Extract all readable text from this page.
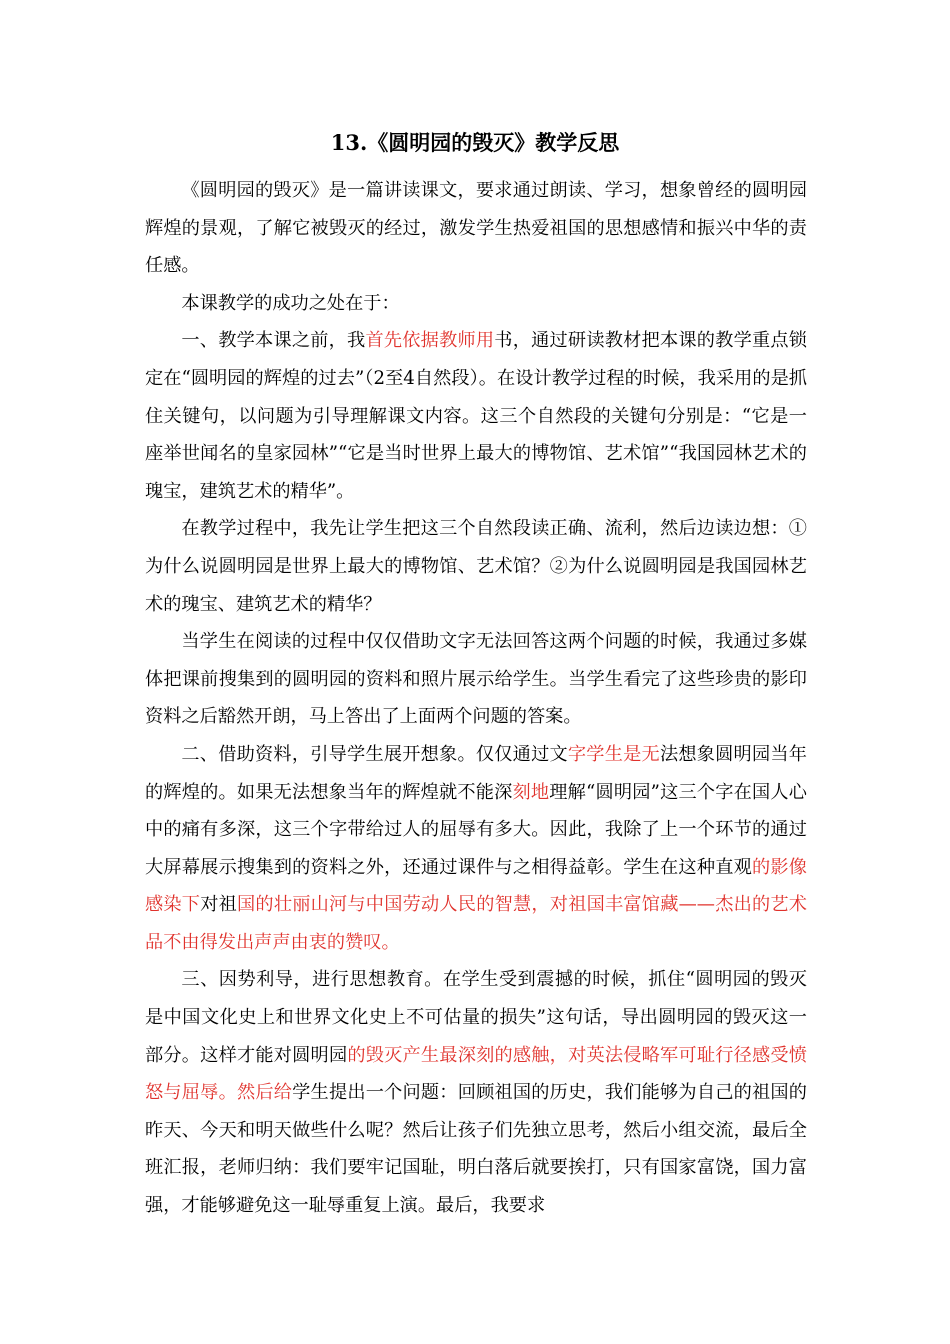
13.《圆明园的毁灭》教学反思

《圆明园的毁灭》是一篇讲读课文，要求通过朗读、学习，想象曾经的圆明园辉煌的景观，了解它被毁灭的经过，激发学生热爱祖国的思想感情和振兴中华的责任感。

本课教学的成功之处在于：

一、教学本课之前，我首先依据教师用书，通过研读教材把本课的教学重点锁定在“圆明园的辉煌的过去”（2至4自然段）。在设计教学过程的时候，我采用的是抓住关键句，以问题为引导理解课文内容。这三个自然段的关键句分别是：“它是一座举世闻名的皇家园林”“它是当时世界上最大的博物馆、艺术馆”“我国园林艺术的瑰宝，建筑艺术的精华”。

在教学过程中，我先让学生把这三个自然段读正确、流利，然后边读边想：①为什么说圆明园是世界上最大的博物馆、艺术馆？②为什么说圆明园是我国园林艺术的瑰宝、建筑艺术的精华？

当学生在阅读的过程中仅仅借助文字无法回答这两个问题的时候，我通过多媒体把课前搜集到的圆明园的资料和照片展示给学生。当学生看完了这些珍贵的影印资料之后豁然开朗，马上答出了上面两个问题的答案。

二、借助资料，引导学生展开想象。仅仅通过文字学生是无法想象圆明园当年的辉煌的。如果无法想象当年的辉煌就不能深刻地理解“圆明园”这三个字在国人心中的痛有多深，这三个字带给过人的屈辱有多大。因此，我除了上一个环节的通过大屏幕展示搜集到的资料之外，还通过课件与之相得益彰。学生在这种直观的影像感染下对祖国的壮丽山河与中国劳动人民的智慧，对祖国丰富馆藏——杰出的艺术品不由得发出声声由衷的赞叹。

三、因势利导，进行思想教育。在学生受到震撼的时候，抓住“圆明园的毁灭是中国文化史上和世界文化史上不可估量的损失”这句话，导出圆明园的毁灭这一部分。这样才能对圆明园的毁灭产生最深刻的感触，对英法侵略军可耻行径感受愤怒与屈辱。然后给学生提出一个问题：回顾祖国的历史，我们能够为自己的祖国的昨天、今天和明天做些什么呢？然后让孩子们先独立思考，然后小组交流，最后全班汇报，老师归纳：我们要牢记国耻，明白落后就要挨打，只有国家富饶，国力富强，才能够避免这一耻辱重复上演。最后，我要求
